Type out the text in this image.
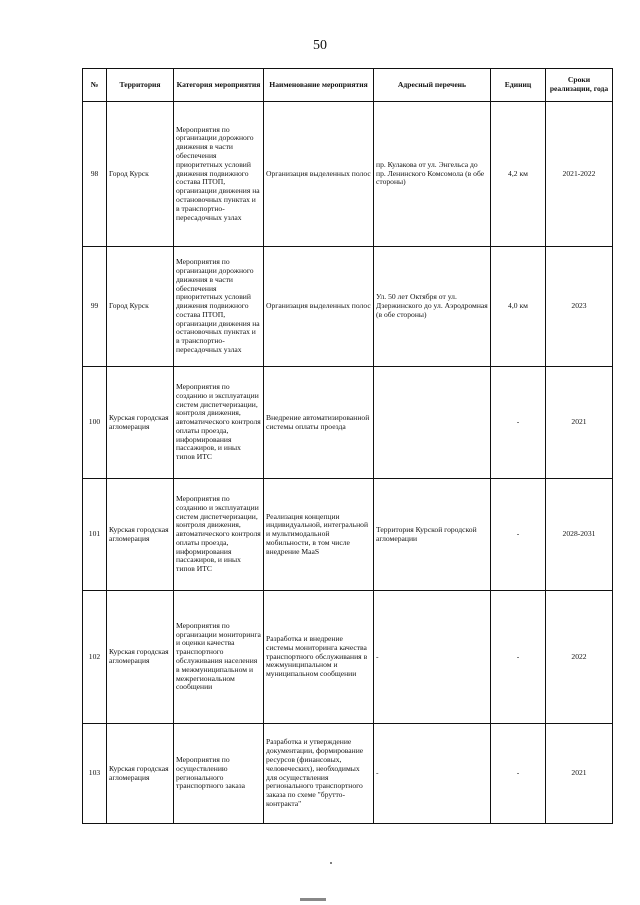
50
№	Территория	Категория мероприятия	Наименование мероприятия	Адресный перечень	Единиц	Сроки реализации, года
98	Город Курск	Мероприятия по организации дорожного движения в части обеспечения приоритетных условий движения подвижного состава ПТОП, организации движения на остановочных пунктах и в транспортно-пересадочных узлах	Организация выделенных полос	пр. Кулакова от ул. Энгельса до пр. Ленинского Комсомола (в обе стороны)	4,2 км	2021-2022
99	Город Курск	Мероприятия по организации дорожного движения в части обеспечения приоритетных условий движения подвижного состава ПТОП, организации движения на остановочных пунктах и в транспортно-пересадочных узлах	Организация выделенных полос	Ул. 50 лет Октября от ул. Дзержинского до ул. Аэродромная (в обе стороны)	4,0 км	2023
100	Курская городская агломерация	Мероприятия по созданию и эксплуатации систем диспетчеризации, контроля движения, автоматического контроля оплаты проезда, информирования пассажиров, и иных типов ИТС	Внедрение автоматизированной системы оплаты проезда		-	2021
101	Курская городская агломерация	Мероприятия по созданию и эксплуатации систем диспетчеризации, контроля движения, автоматического контроля оплаты проезда, информирования пассажиров, и иных типов ИТС	Реализация концепции индивидуальной, интегральной и мультимодальной мобильности, в том числе внедрение MaaS	Территория Курской городской агломерации	-	2028-2031
102	Курская городская агломерация	Мероприятия по организации мониторинга и оценки качества транспортного обслуживания населения в межмуниципальном и межрегиональном сообщении	Разработка и внедрение системы мониторинга качества транспортного обслуживания в межмуниципальном и муниципальном сообщении	-	-	2022
103	Курская городская агломерация	Мероприятия по осуществлению регионального транспортного заказа	Разработка и утверждение документации, формирование ресурсов (финансовых, человеческих), необходимых для осуществления регионального транспортного заказа по схеме "брутто-контракта"	-	-	2021
